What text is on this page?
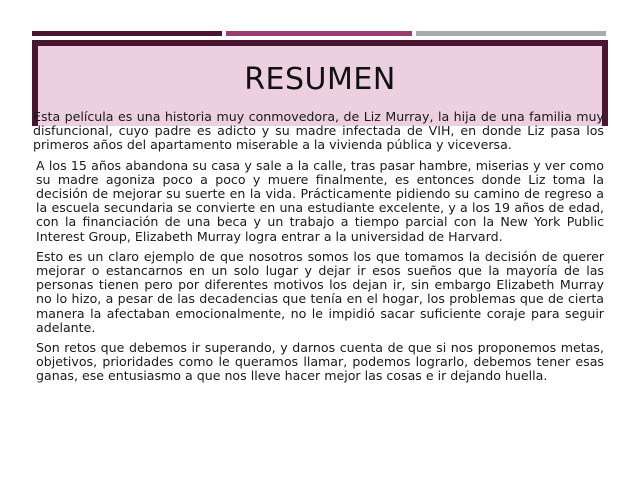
RESUMEN

Esta película es una historia muy conmovedora, de Liz Murray, la hija de una familia muy disfuncional, cuyo padre es adicto y su madre infectada de VIH, en donde Liz pasa los primeros años del apartamento miserable a la vivienda pública y viceversa.

A los 15 años abandona su casa y sale a la calle, tras pasar hambre, miserias y ver como su madre agoniza poco a poco y muere finalmente, es entonces donde Liz toma la decisión de mejorar su suerte en la vida. Prácticamente pidiendo su camino de regreso a la escuela secundaria se convierte en una estudiante excelente, y a los 19 años de edad, con la financiación de una beca y un trabajo a tiempo parcial con la New York Public Interest Group, Elizabeth Murray logra entrar a la universidad de Harvard.

Esto es un claro ejemplo de que nosotros somos los que tomamos la decisión de querer mejorar o estancarnos en un solo lugar y dejar ir esos sueños que la mayoría de las personas tienen pero por diferentes motivos los dejan ir, sin embargo Elizabeth Murray no lo hizo, a pesar de las decadencias que tenía en el hogar, los problemas que de cierta manera la afectaban emocionalmente, no le impidió sacar suficiente coraje para seguir adelante.

Son retos que debemos ir superando, y darnos cuenta de que si nos proponemos metas, objetivos, prioridades como le queramos llamar, podemos lograrlo, debemos tener esas ganas, ese entusiasmo a que nos lleve hacer mejor las cosas e ir dejando huella.
